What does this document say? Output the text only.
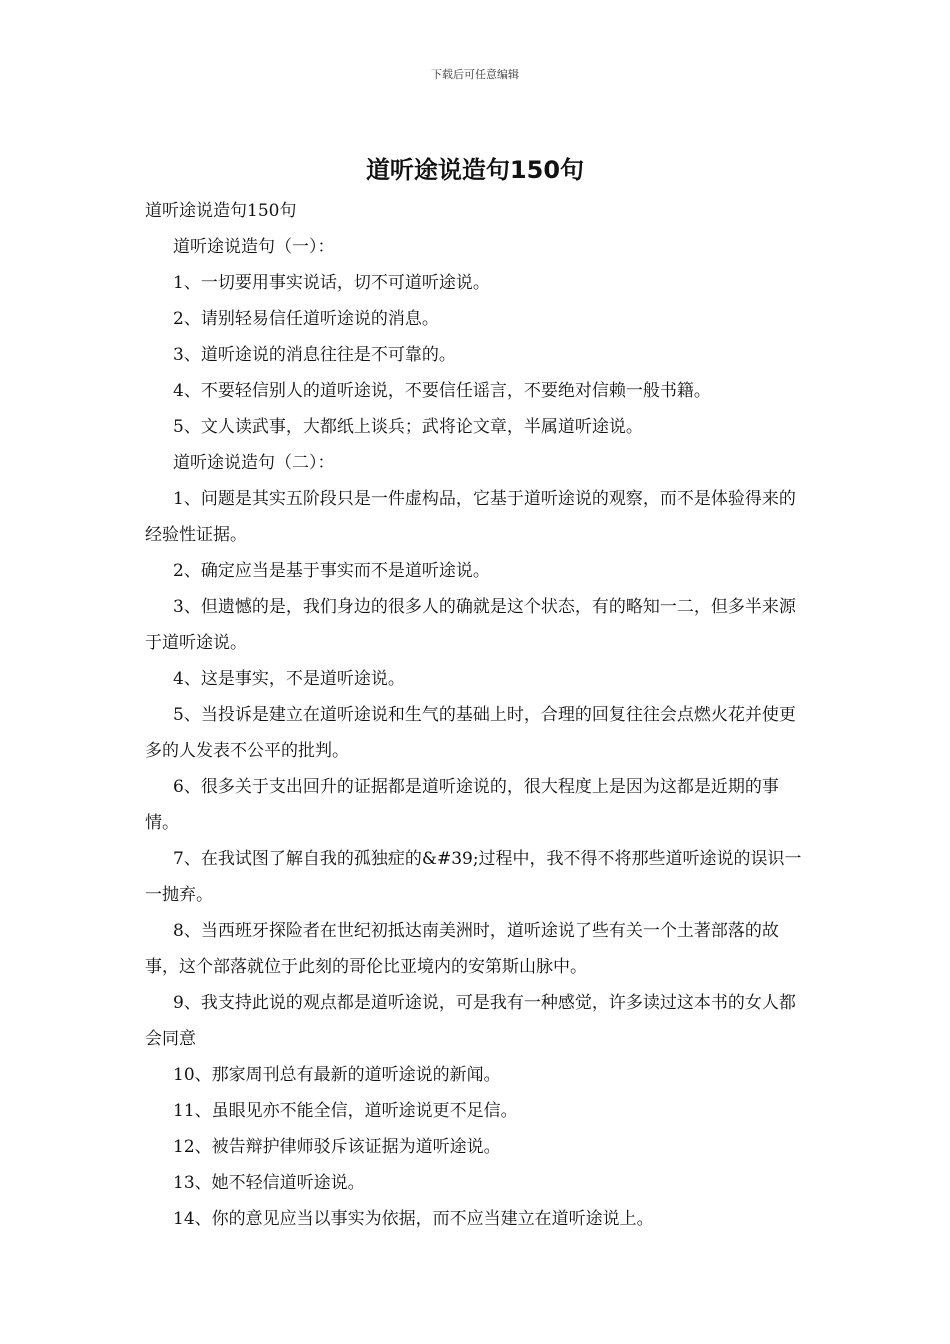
下载后可任意编辑
道听途说造句150句

道听途说造句150句

道听途说造句（一）：

1、一切要用事实说话，切不可道听途说。

2、请别轻易信任道听途说的消息。

3、道听途说的消息往往是不可靠的。

4、不要轻信别人的道听途说，不要信任谣言，不要绝对信赖一般书籍。

5、文人读武事，大都纸上谈兵；武将论文章，半属道听途说。

道听途说造句（二）：

1、问题是其实五阶段只是一件虚构品，它基于道听途说的观察，而不是体验得来的经验性证据。

2、确定应当是基于事实而不是道听途说。

3、但遗憾的是，我们身边的很多人的确就是这个状态，有的略知一二，但多半来源于道听途说。

4、这是事实，不是道听途说。

5、当投诉是建立在道听途说和生气的基础上时，合理的回复往往会点燃火花并使更多的人发表不公平的批判。

6、很多关于支出回升的证据都是道听途说的，很大程度上是因为这都是近期的事情。

7、在我试图了解自我的孤独症的&#39;过程中，我不得不将那些道听途说的误识一一抛弃。

8、当西班牙探险者在世纪初抵达南美洲时，道听途说了些有关一个土著部落的故事，这个部落就位于此刻的哥伦比亚境内的安第斯山脉中。

9、我支持此说的观点都是道听途说，可是我有一种感觉，许多读过这本书的女人都会同意

10、那家周刊总有最新的道听途说的新闻。

11、虽眼见亦不能全信，道听途说更不足信。

12、被告辩护律师驳斥该证据为道听途说。

13、她不轻信道听途说。

14、你的意见应当以事实为依据，而不应当建立在道听途说上。
